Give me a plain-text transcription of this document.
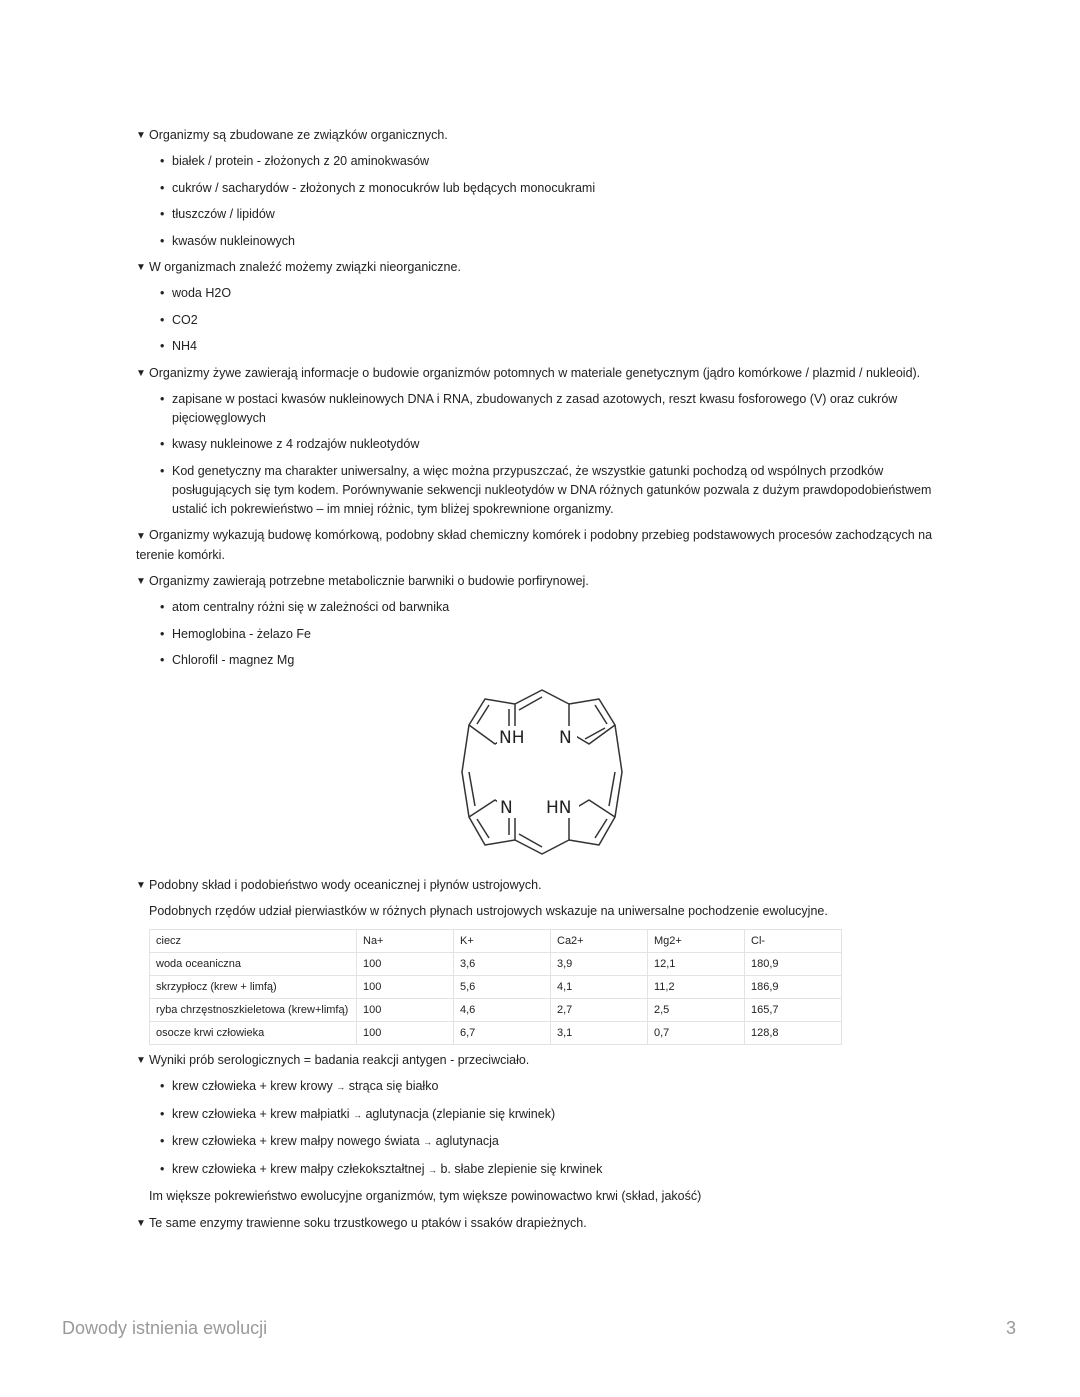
▼ Organizmy są zbudowane ze związków organicznych.
• białek / protein - złożonych z 20 aminokwasów
• cukrów / sacharydów - złożonych z monocukrów lub będących monocukrami
• tłuszczów / lipidów
• kwasów nukleinowych
▼ W organizmach znaleźć możemy związki nieorganiczne.
• woda H2O
• CO2
• NH4
▼ Organizmy żywe zawierają informacje o budowie organizmów potomnych w materiale genetycznym (jądro komórkowe / plazmid / nukleoid).
• zapisane w postaci kwasów nukleinowych DNA i RNA, zbudowanych z zasad azotowych, reszt kwasu fosforowego (V) oraz cukrów pięciowęglowych
• kwasy nukleinowe z 4 rodzajów nukleotydów
• Kod genetyczny ma charakter uniwersalny, a więc można przypuszczać, że wszystkie gatunki pochodzą od wspólnych przodków posługujących się tym kodem. Porównywanie sekwencji nukleotydów w DNA różnych gatunków pozwala z dużym prawdopodobieństwem ustalić ich pokrewieństwo – im mniej różnic, tym bliżej spokrewnione organizmy.
▼ Organizmy wykazują budowę komórkową, podobny skład chemiczny komórek i podobny przebieg podstawowych procesów zachodzących na terenie komórki.
▼ Organizmy zawierają potrzebne metabolicznie barwniki o budowie porfirynowej.
• atom centralny różni się w zależności od barwnika
• Hemoglobina - żelazo Fe
• Chlorofil - magnez Mg
NH N
N HN
▼ Podobny skład i podobieństwo wody oceanicznej i płynów ustrojowych.
Podobnych rzędów udział pierwiastków w różnych płynach ustrojowych wskazuje na uniwersalne pochodzenie ewolucyjne.
ciecz	Na+	K+	Ca2+	Mg2+	Cl-
woda oceaniczna	100	3,6	3,9	12,1	180,9
skrzypłocz (krew + limfą)	100	5,6	4,1	11,2	186,9
ryba chrzęstnoszkieletowa (krew+limfą)	100	4,6	2,7	2,5	165,7
osocze krwi człowieka	100	6,7	3,1	0,7	128,8
▼ Wyniki prób serologicznych = badania reakcji antygen - przeciwciało.
• krew człowieka + krew krowy → strąca się białko
• krew człowieka + krew małpiatki → aglutynacja (zlepianie się krwinek)
• krew człowieka + krew małpy nowego świata → aglutynacja
• krew człowieka + krew małpy człekokształtnej → b. słabe zlepienie się krwinek
Im większe pokrewieństwo ewolucyjne organizmów, tym większe powinowactwo krwi (skład, jakość)
▼ Te same enzymy trawienne soku trzustkowego u ptaków i ssaków drapieżnych.
Dowody istnienia ewolucji	3
